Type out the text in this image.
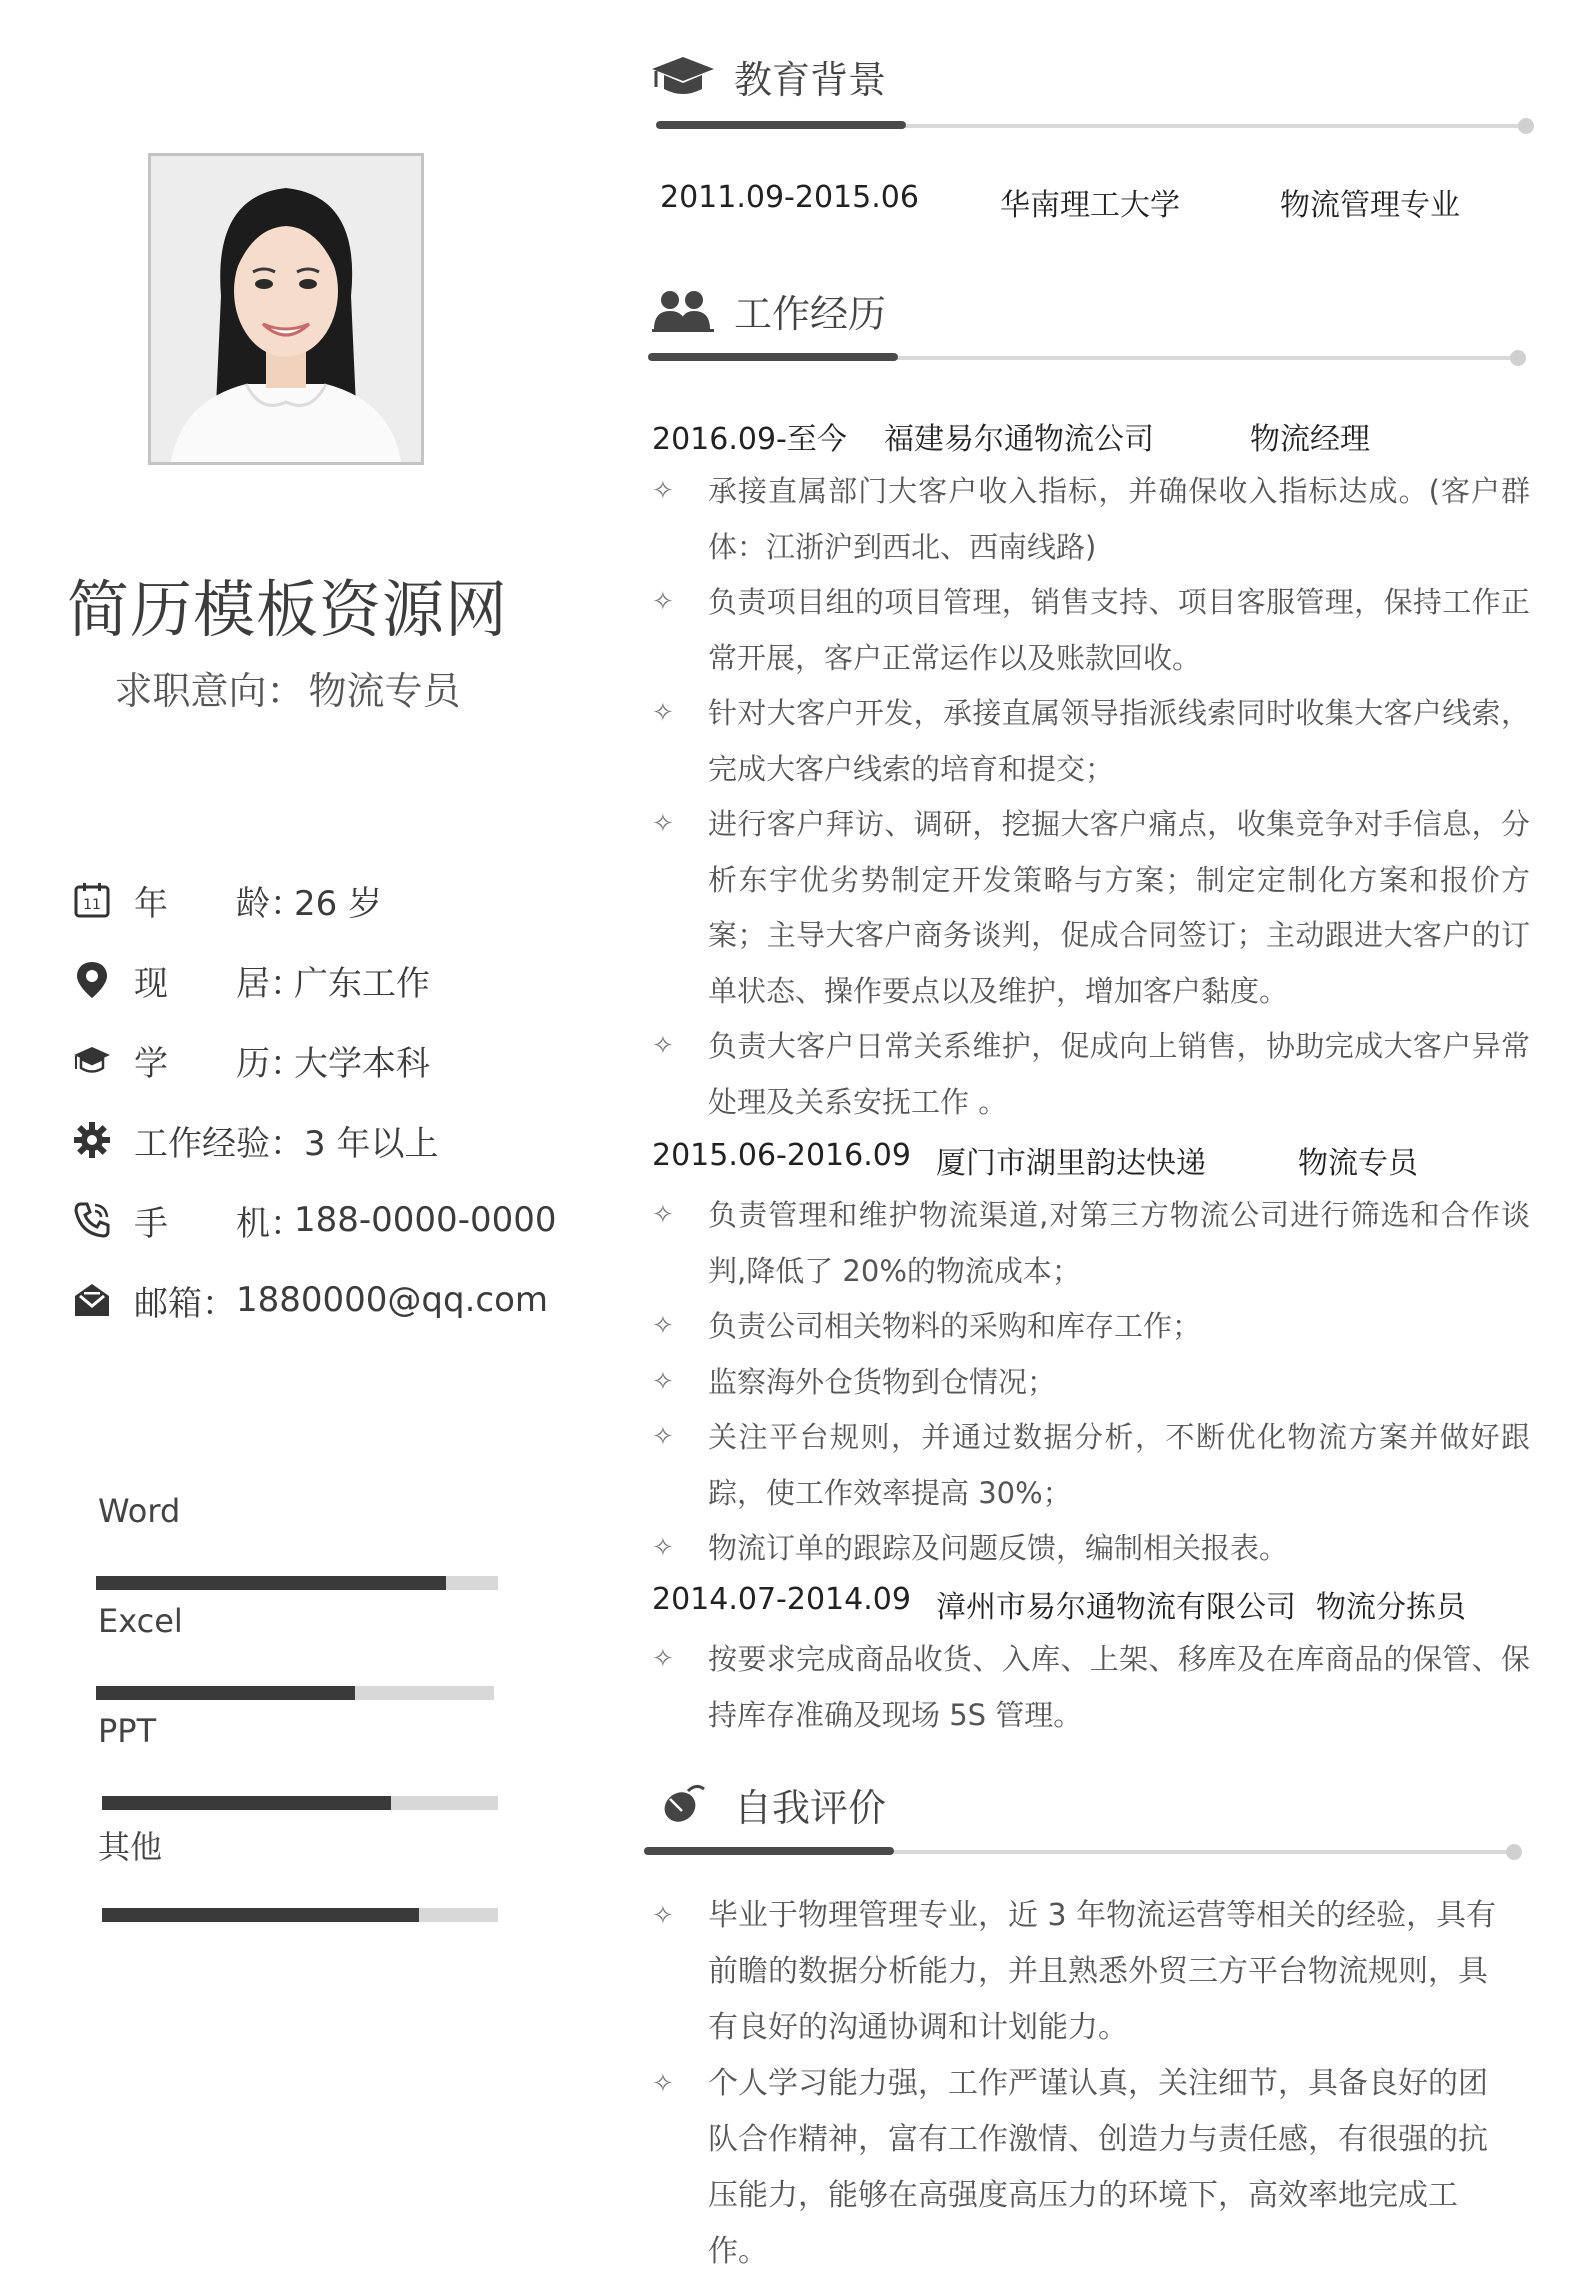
简历模板资源网
求职意向： 物流专员
11 年　　龄：
26 岁
现　　居：
广东工作
学　　历：
大学本科
工作经验： 3 年以上
手　　机：
188-0000-0000
邮箱： 1880000@qq.com
Word
Excel
PPT
其他
教育背景
2011.09-2015.06	华南理工大学	物流管理专业
工作经历
2016.09-至今 福建易尔通物流公司	物流经理
✧	承接直属部门大客户收入指标，并确保收入指标达成。(客户群体：江浙沪到西北、西南线路)
✧	负责项目组的项目管理，销售支持、项目客服管理，保持工作正常开展，客户正常运作以及账款回收。
✧	针对大客户开发，承接直属领导指派线索同时收集大客户线索，完成大客户线索的培育和提交；
✧	进行客户拜访、调研，挖掘大客户痛点，收集竞争对手信息，分析东宇优劣势制定开发策略与方案；制定定制化方案和报价方案；主导大客户商务谈判，促成合同签订；主动跟进大客户的订单状态、操作要点以及维护，增加客户黏度。
✧	负责大客户日常关系维护，促成向上销售，协助完成大客户异常处理及关系安抚工作 。
2015.06-2016.09 厦门市湖里韵达快递	物流专员
✧	负责管理和维护物流渠道,对第三方物流公司进行筛选和合作谈判,降低了 20%的物流成本；
✧	负责公司相关物料的采购和库存工作；
✧	监察海外仓货物到仓情况；
✧	关注平台规则，并通过数据分析，不断优化物流方案并做好跟踪，使工作效率提高 30%；
✧	物流订单的跟踪及问题反馈，编制相关报表。
2014.07-2014.09 漳州市易尔通物流有限公司 物流分拣员
✧	按要求完成商品收货、入库、上架、移库及在库商品的保管、保持库存准确及现场 5S 管理。
自我评价
✧	毕业于物理管理专业，近 3 年物流运营等相关的经验，具有前瞻的数据分析能力，并且熟悉外贸三方平台物流规则，具有良好的沟通协调和计划能力。
✧	个人学习能力强，工作严谨认真，关注细节，具备良好的团队合作精神，富有工作激情、创造力与责任感，有很强的抗压能力，能够在高强度高压力的环境下，高效率地完成工作。
